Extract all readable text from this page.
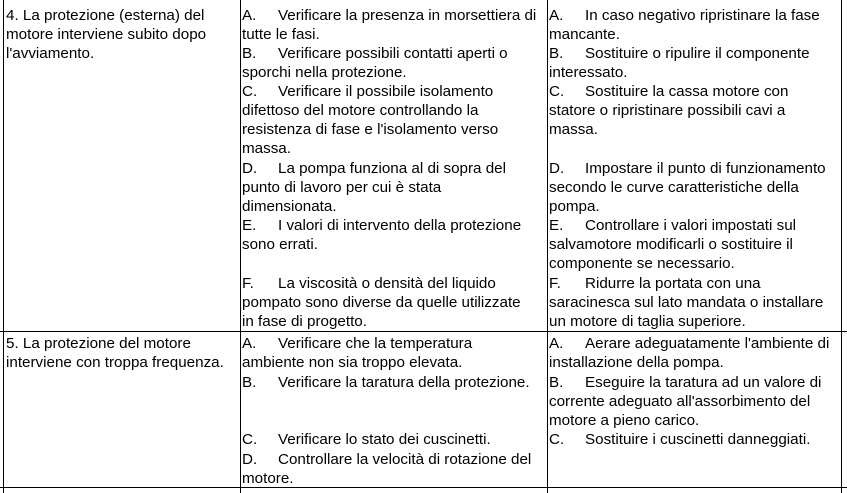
4. La protezione (esterna) del
motore interviene subito dopo
l'avviamento.
A. Verificare la presenza in morsettiera di
tutte le fasi.
B. Verificare possibili contatti aperti o
sporchi nella protezione.
C. Verificare il possibile isolamento
difettoso del motore controllando la
resistenza di fase e l'isolamento verso
massa.
D. La pompa funziona al di sopra del
punto di lavoro per cui è stata
dimensionata.
E. I valori di intervento della protezione
sono errati.
F. La viscosità o densità del liquido
pompato sono diverse da quelle utilizzate
in fase di progetto.
A. In caso negativo ripristinare la fase
mancante.
B. Sostituire o ripulire il componente
interessato.
C. Sostituire la cassa motore con
statore o ripristinare possibili cavi a
massa.
D. Impostare il punto di funzionamento
secondo le curve caratteristiche della
pompa.
E. Controllare i valori impostati sul
salvamotore modificarli o sostituire il
componente se necessario.
F. Ridurre la portata con una
saracinesca sul lato mandata o installare
un motore di taglia superiore.
5. La protezione del motore
interviene con troppa frequenza.
A. Verificare che la temperatura
ambiente non sia troppo elevata.
B. Verificare la taratura della protezione.
C. Verificare lo stato dei cuscinetti.
D. Controllare la velocità di rotazione del
motore.
A. Aerare adeguatamente l'ambiente di
installazione della pompa.
B. Eseguire la taratura ad un valore di
corrente adeguato all'assorbimento del
motore a pieno carico.
C. Sostituire i cuscinetti danneggiati.
